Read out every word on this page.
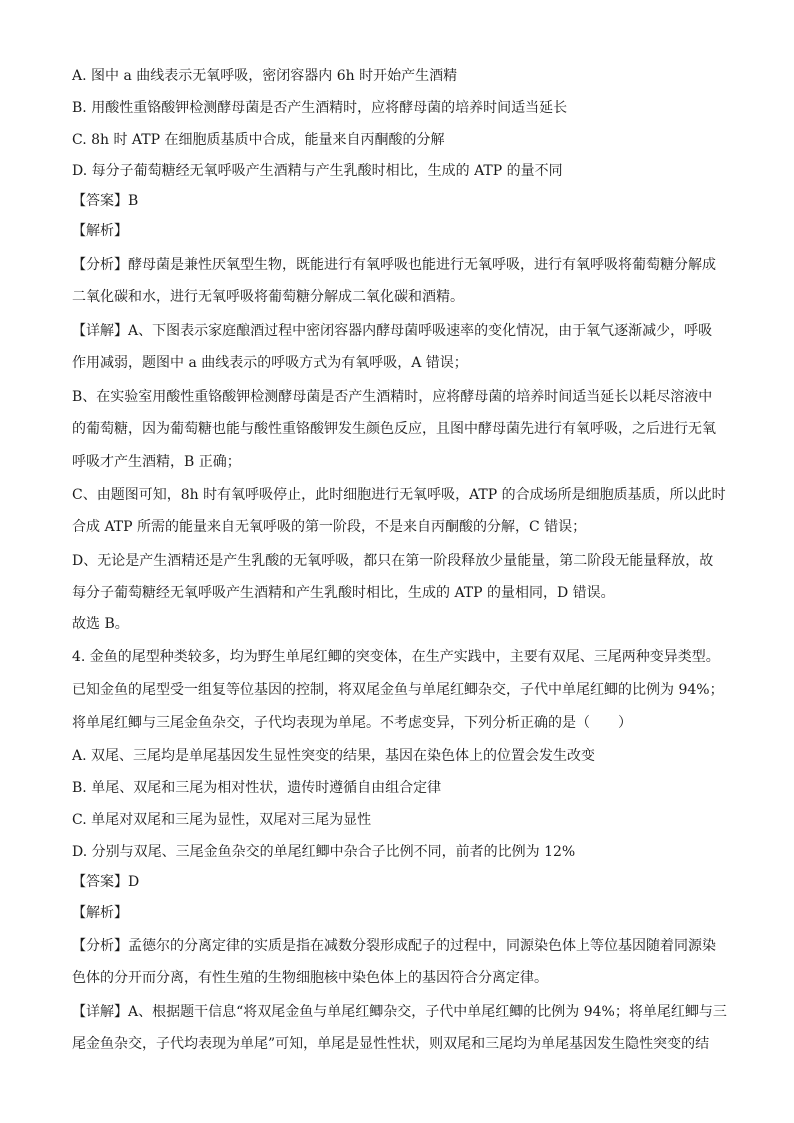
A. 图中 a 曲线表示无氧呼吸，密闭容器内 6h 时开始产生酒精
B. 用酸性重铬酸钾检测酵母菌是否产生酒精时，应将酵母菌的培养时间适当延长
C. 8h 时 ATP 在细胞质基质中合成，能量来自丙酮酸的分解
D. 每分子葡萄糖经无氧呼吸产生酒精与产生乳酸时相比，生成的 ATP 的量不同
【答案】B
【解析】
【分析】酵母菌是兼性厌氧型生物，既能进行有氧呼吸也能进行无氧呼吸，进行有氧呼吸将葡萄糖分解成
二氧化碳和水，进行无氧呼吸将葡萄糖分解成二氧化碳和酒精。
【详解】A、下图表示家庭酿酒过程中密闭容器内酵母菌呼吸速率的变化情况，由于氧气逐渐减少，呼吸
作用减弱，题图中 a 曲线表示的呼吸方式为有氧呼吸，A 错误；
B、在实验室用酸性重铬酸钾检测酵母菌是否产生酒精时，应将酵母菌的培养时间适当延长以耗尽溶液中
的葡萄糖，因为葡萄糖也能与酸性重铬酸钾发生颜色反应，且图中酵母菌先进行有氧呼吸，之后进行无氧
呼吸才产生酒精，B 正确；
C、由题图可知，8h 时有氧呼吸停止，此时细胞进行无氧呼吸，ATP 的合成场所是细胞质基质，所以此时
合成 ATP 所需的能量来自无氧呼吸的第一阶段，不是来自丙酮酸的分解，C 错误；
D、无论是产生酒精还是产生乳酸的无氧呼吸，都只在第一阶段释放少量能量，第二阶段无能量释放，故
每分子葡萄糖经无氧呼吸产生酒精和产生乳酸时相比，生成的 ATP 的量相同，D 错误。
故选 B。
4. 金鱼的尾型种类较多，均为野生单尾红鲫的突变体，在生产实践中，主要有双尾、三尾两种变异类型。
已知金鱼的尾型受一组复等位基因的控制，将双尾金鱼与单尾红鲫杂交，子代中单尾红鲫的比例为 94%；
将单尾红鲫与三尾金鱼杂交，子代均表现为单尾。不考虑变异，下列分析正确的是（　　）
A. 双尾、三尾均是单尾基因发生显性突变的结果，基因在染色体上的位置会发生改变
B. 单尾、双尾和三尾为相对性状，遗传时遵循自由组合定律
C. 单尾对双尾和三尾为显性，双尾对三尾为显性
D. 分别与双尾、三尾金鱼杂交的单尾红鲫中杂合子比例不同，前者的比例为 12%
【答案】D
【解析】
【分析】孟德尔的分离定律的实质是指在减数分裂形成配子的过程中，同源染色体上等位基因随着同源染
色体的分开而分离，有性生殖的生物细胞核中染色体上的基因符合分离定律。
【详解】A、根据题干信息“将双尾金鱼与单尾红鲫杂交，子代中单尾红鲫的比例为 94%；将单尾红鲫与三
尾金鱼杂交，子代均表现为单尾”可知，单尾是显性性状，则双尾和三尾均为单尾基因发生隐性突变的结
